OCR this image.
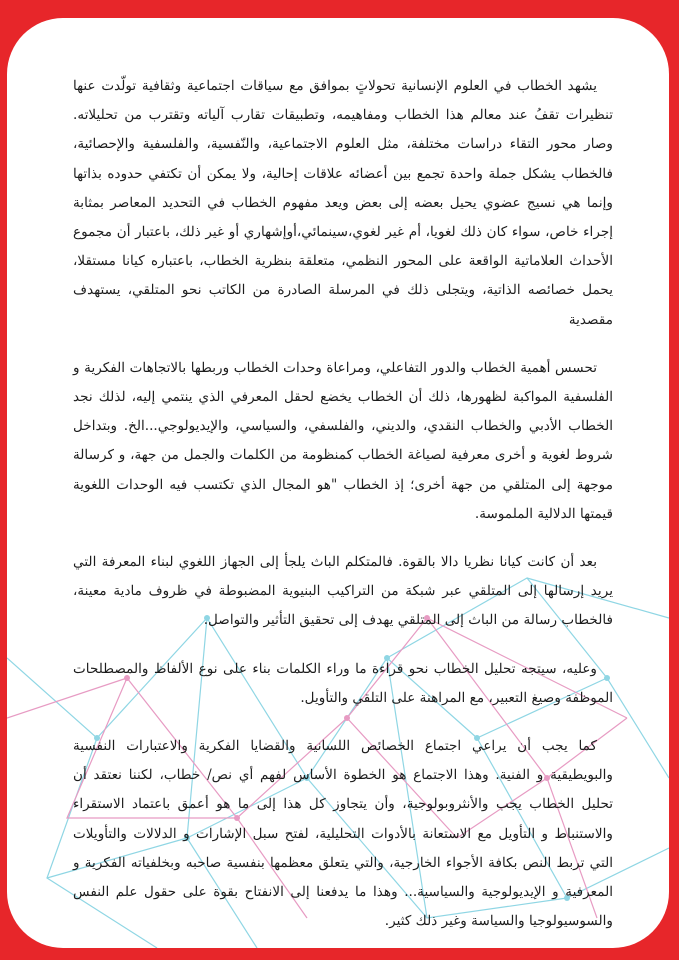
يشهد الخطاب في العلوم الإنسانية تحولاتٍ بموافق مع سياقات اجتماعية وثقافية تولّدت عنها تنظيرات تقفُ عند معالم هذا الخطاب ومفاهيمه، وتطبيقات تقارب آلياته وتقترب من تحليلاته. وصار محور التقاء دراسات مختلفة، مثل العلوم الاجتماعية، والنّفسية، والفلسفية والإحصائية، فالخطاب يشكل جملة واحدة تجمع بين أعضائه علاقات إحالية، ولا يمكن أن تكتفي حدوده بذاتها وإنما هي نسيج عضوي يحيل بعضه إلى بعض ويعد مفهوم الخطاب في التحديد المعاصر بمثابة إجراء خاص، سواء كان ذلك لغويا، أم غير لغوي،سينمائي،أوإشهاري أو غير ذلك، باعتبار أن مجموع الأحداث العلاماتية الواقعة على المحور النظمي، متعلقة بنظرية الخطاب، باعتباره كيانا مستقلا، يحمل خصائصه الذاتية، ويتجلى ذلك في المرسلة الصادرة من الكاتب نحو المتلقي، يستهدف مقصدية

تحسس أهمية الخطاب والدور التفاعلي، ومراعاة وحدات الخطاب وربطها بالاتجاهات الفكرية و الفلسفية المواكبة لظهورها، ذلك أن الخطاب يخضع لحقل المعرفي الذي ينتمي إليه، لذلك نجد الخطاب الأدبي والخطاب النقدي، والديني، والفلسفي، والسياسي، والإيديولوجي...الخ. وبتداخل شروط لغوية و أخرى معرفية لصياغة الخطاب كمنظومة من الكلمات والجمل من جهة، و كرسالة موجهة إلى المتلقي من جهة أخرى؛ إذ الخطاب "هو المجال الذي تكتسب فيه الوحدات اللغوية قيمتها الدلالية الملموسة.

بعد أن كانت كيانا نظريا دالا بالقوة. فالمتكلم الباث يلجأ إلى الجهاز اللغوي لبناء المعرفة التي يريد إرسالها إلى المتلقي عبر شبكة من التراكيب البنيوية المضبوطة في ظروف مادية معينة، فالخطاب رسالة من الباث إلى المتلقي يهدف إلى تحقيق التأثير والتواصل.

وعليه، سيتجه تحليل الخطاب نحو قراءة ما وراء الكلمات بناء على نوع الألفاظ والمصطلحات الموظفة وصيغ التعبير، مع المراهنة على التلقي والتأويل.

كما يجب أن يراعي اجتماع الخصائص اللسانية والقضايا الفكرية والاعتبارات النفسية والبويطيقية و الفنية. وهذا الاجتماع هو الخطوة الأساس لفهم أي نص/ خطاب، لكننا نعتقد أن تحليل الخطاب يجب والأنثروبولوجية، وأن يتجاوز كل هذا إلى ما هو أعمق باعتماد الاستقراء والاستنباط و التأويل مع الاستعانة بالأدوات التحليلية، لفتح سبل الإشارات و الدلالات والتأويلات التي تربط النص بكافة الأجواء الخارجية، والتي يتعلق معظمها بنفسية صاحبه وبخلفياته الفكرية و المعرفية و الإيديولوجية والسياسية... وهذا ما يدفعنا إلى الانفتاح بقوة على حقول علم النفس والسوسيولوجيا والسياسة وغير ذلك كثير.
